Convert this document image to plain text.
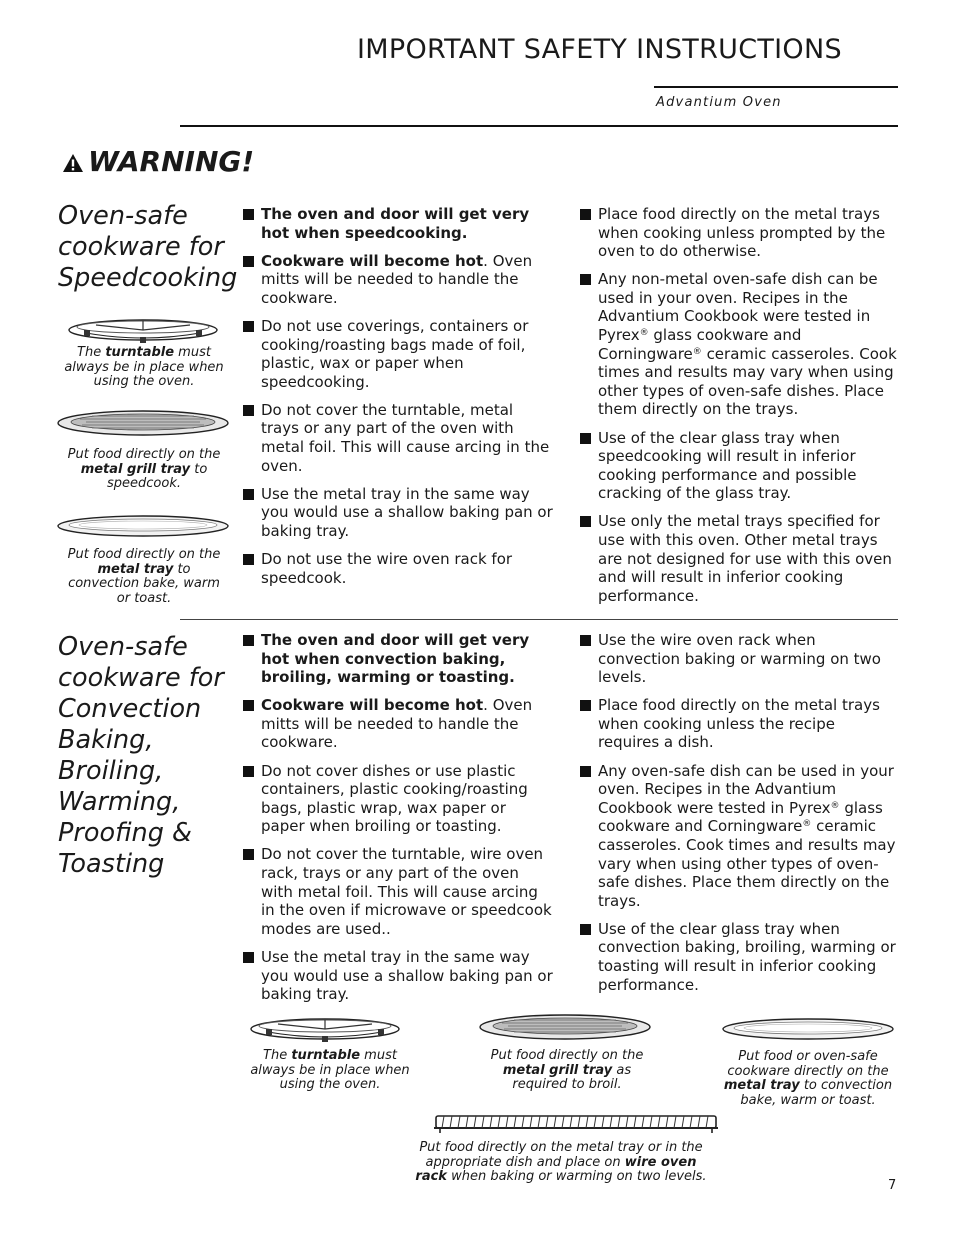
IMPORTANT SAFETY INSTRUCTIONS
Advantium Oven
WARNING!
Oven-safe cookware for Speedcooking
The oven and door will get very hot when speedcooking.
Cookware will become hot. Oven mitts will be needed to handle the cookware.
Do not use coverings, containers or cooking/roasting bags made of foil, plastic, wax or paper when speedcooking.
Do not cover the turntable, metal trays or any part of the oven with metal foil. This will cause arcing in the oven.
Use the metal tray in the same way you would use a shallow baking pan or baking tray.
Do not use the wire oven rack for speedcook.
Place food directly on the metal trays when cooking unless prompted by the oven to do otherwise.
Any non-metal oven-safe dish can be used in your oven. Recipes in the Advantium Cookbook were tested in Pyrex® glass cookware and Corningware® ceramic casseroles. Cook times and results may vary when using other types of oven-safe dishes. Place them directly on the trays.
Use of the clear glass tray when speedcooking will result in inferior cooking performance and possible cracking of the glass tray.
Use only the metal trays specified for use with this oven. Other metal trays are not designed for use with this oven and will result in inferior cooking performance.
The turntable must always be in place when using the oven.
Put food directly on the metal grill tray to speedcook.
Put food directly on the metal tray to convection bake, warm or toast.
Oven-safe cookware for Convection Baking, Broiling, Warming, Proofing & Toasting
The oven and door will get very hot when convection baking, broiling, warming or toasting.
Cookware will become hot. Oven mitts will be needed to handle the cookware.
Do not cover dishes or use plastic containers, plastic cooking/roasting bags, plastic wrap, wax paper or paper when broiling or toasting.
Do not cover the turntable, wire oven rack, trays or any part of the oven with metal foil. This will cause arcing in the oven if microwave or speedcook modes are used..
Use the metal tray in the same way you would use a shallow baking pan or baking tray.
Use the wire oven rack when convection baking or warming on two levels.
Place food directly on the metal trays when cooking unless the recipe requires a dish.
Any oven-safe dish can be used in your oven. Recipes in the Advantium Cookbook were tested in Pyrex® glass cookware and Corningware® ceramic casseroles. Cook times and results may vary when using other types of oven-safe dishes. Place them directly on the trays.
Use of the clear glass tray when convection baking, broiling, warming or toasting will result in inferior cooking performance.
The turntable must always be in place when using the oven.
Put food directly on the metal grill tray as required to broil.
Put food or oven-safe cookware directly on the metal tray to convection bake, warm or toast.
Put food directly on the metal tray or in the appropriate dish and place on wire oven rack when baking or warming on two levels.
7
